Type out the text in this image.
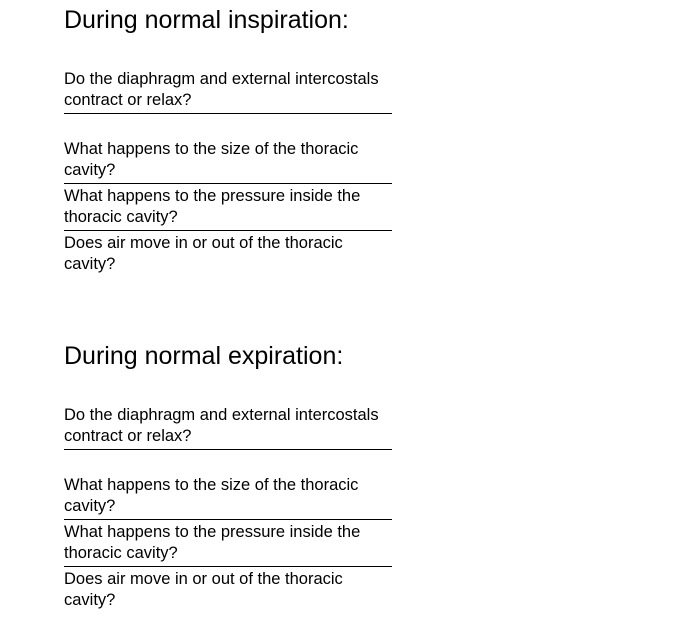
During normal inspiration:
Do the diaphragm and external intercostals contract or relax?
What happens to the size of the thoracic cavity?
What happens to the pressure inside the thoracic cavity?
Does air move in or out of the thoracic cavity?
During normal expiration:
Do the diaphragm and external intercostals contract or relax?
What happens to the size of the thoracic cavity?
What happens to the pressure inside the thoracic cavity?
Does air move in or out of the thoracic cavity?
